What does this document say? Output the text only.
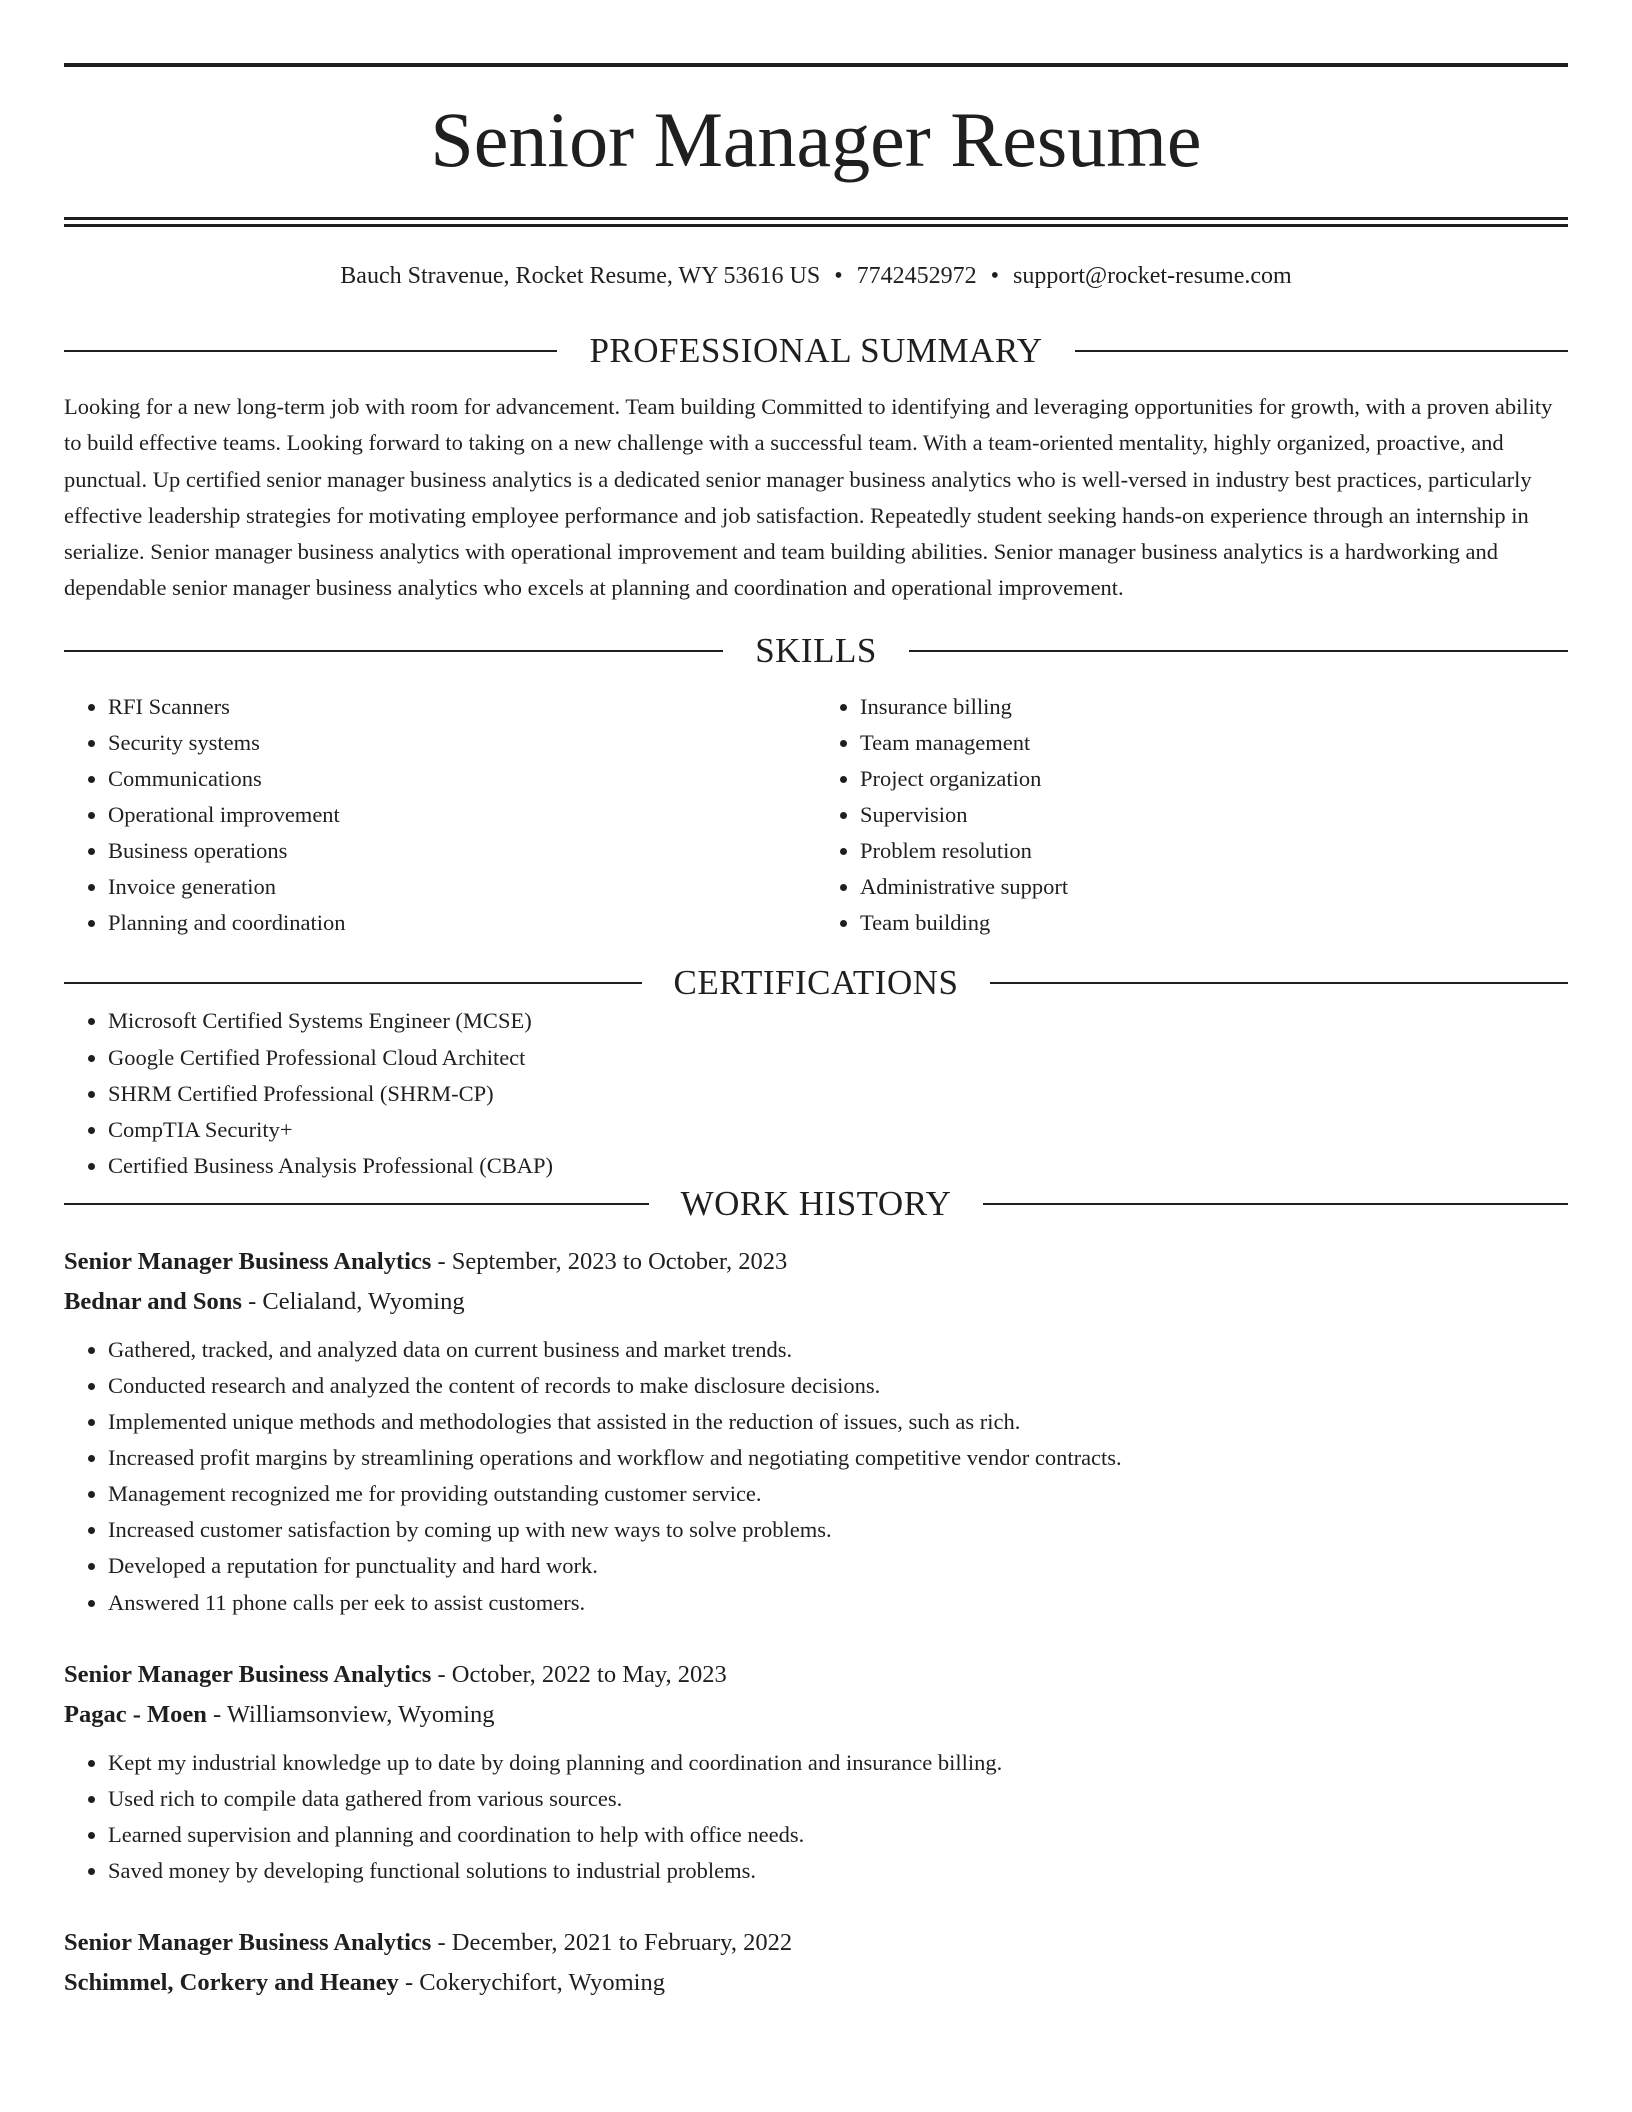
Senior Manager Resume
Bauch Stravenue, Rocket Resume, WY 53616 US • 7742452972 • support@rocket-resume.com
PROFESSIONAL SUMMARY

Looking for a new long-term job with room for advancement. Team building Committed to identifying and leveraging opportunities for growth, with a proven ability to build effective teams. Looking forward to taking on a new challenge with a successful team. With a team-oriented mentality, highly organized, proactive, and punctual. Up certified senior manager business analytics is a dedicated senior manager business analytics who is well-versed in industry best practices, particularly effective leadership strategies for motivating employee performance and job satisfaction. Repeatedly student seeking hands-on experience through an internship in serialize. Senior manager business analytics with operational improvement and team building abilities. Senior manager business analytics is a hardworking and dependable senior manager business analytics who excels at planning and coordination and operational improvement.

SKILLS
• RFI Scanners
• Security systems
• Communications
• Operational improvement
• Business operations
• Invoice generation
• Planning and coordination
• Insurance billing
• Team management
• Project organization
• Supervision
• Problem resolution
• Administrative support
• Team building
CERTIFICATIONS
• Microsoft Certified Systems Engineer (MCSE)
• Google Certified Professional Cloud Architect
• SHRM Certified Professional (SHRM-CP)
• CompTIA Security+
• Certified Business Analysis Professional (CBAP)
WORK HISTORY
Senior Manager Business Analytics - September, 2023 to October, 2023
Bednar and Sons - Celialand, Wyoming
• Gathered, tracked, and analyzed data on current business and market trends.
• Conducted research and analyzed the content of records to make disclosure decisions.
• Implemented unique methods and methodologies that assisted in the reduction of issues, such as rich.
• Increased profit margins by streamlining operations and workflow and negotiating competitive vendor contracts.
• Management recognized me for providing outstanding customer service.
• Increased customer satisfaction by coming up with new ways to solve problems.
• Developed a reputation for punctuality and hard work.
• Answered 11 phone calls per eek to assist customers.
Senior Manager Business Analytics - October, 2022 to May, 2023
Pagac - Moen - Williamsonview, Wyoming
• Kept my industrial knowledge up to date by doing planning and coordination and insurance billing.
• Used rich to compile data gathered from various sources.
• Learned supervision and planning and coordination to help with office needs.
• Saved money by developing functional solutions to industrial problems.
Senior Manager Business Analytics - December, 2021 to February, 2022
Schimmel, Corkery and Heaney - Cokerychifort, Wyoming
